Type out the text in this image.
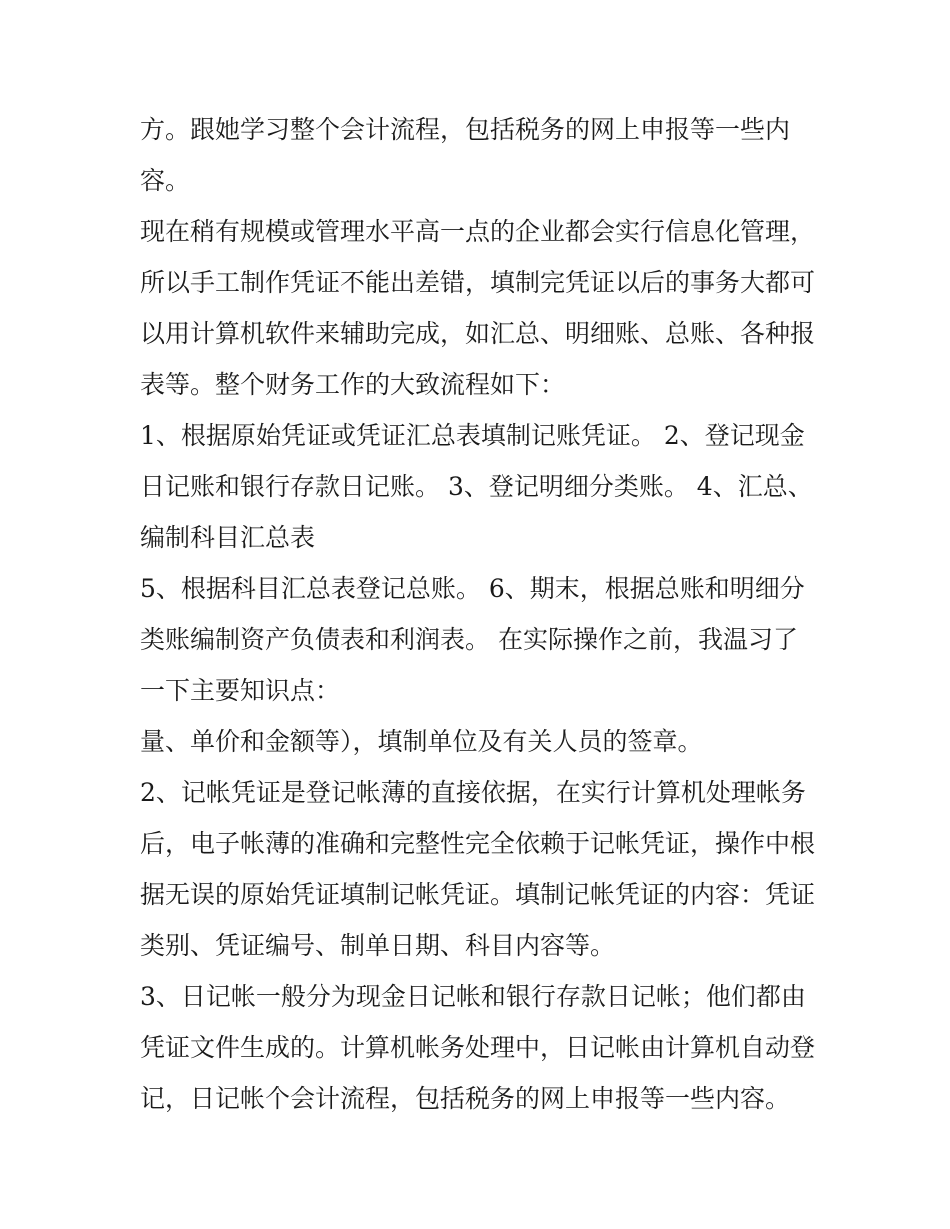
方。跟她学习整个会计流程，包括税务的网上申报等一些内

容。

现在稍有规模或管理水平高一点的企业都会实行信息化管理，

所以手工制作凭证不能出差错，填制完凭证以后的事务大都可

以用计算机软件来辅助完成，如汇总、明细账、总账、各种报

表等。整个财务工作的大致流程如下：

1、根据原始凭证或凭证汇总表填制记账凭证。 2、登记现金

日记账和银行存款日记账。 3、登记明细分类账。 4、汇总、

编制科目汇总表

5、根据科目汇总表登记总账。 6、期末，根据总账和明细分

类账编制资产负债表和利润表。 在实际操作之前，我温习了

一下主要知识点：

量、单价和金额等），填制单位及有关人员的签章。

2、记帐凭证是登记帐薄的直接依据，在实行计算机处理帐务

后，电子帐薄的准确和完整性完全依赖于记帐凭证，操作中根

据无误的原始凭证填制记帐凭证。填制记帐凭证的内容：凭证

类别、凭证编号、制单日期、科目内容等。

3、日记帐一般分为现金日记帐和银行存款日记帐；他们都由

凭证文件生成的。计算机帐务处理中，日记帐由计算机自动登

记，日记帐个会计流程，包括税务的网上申报等一些内容。
